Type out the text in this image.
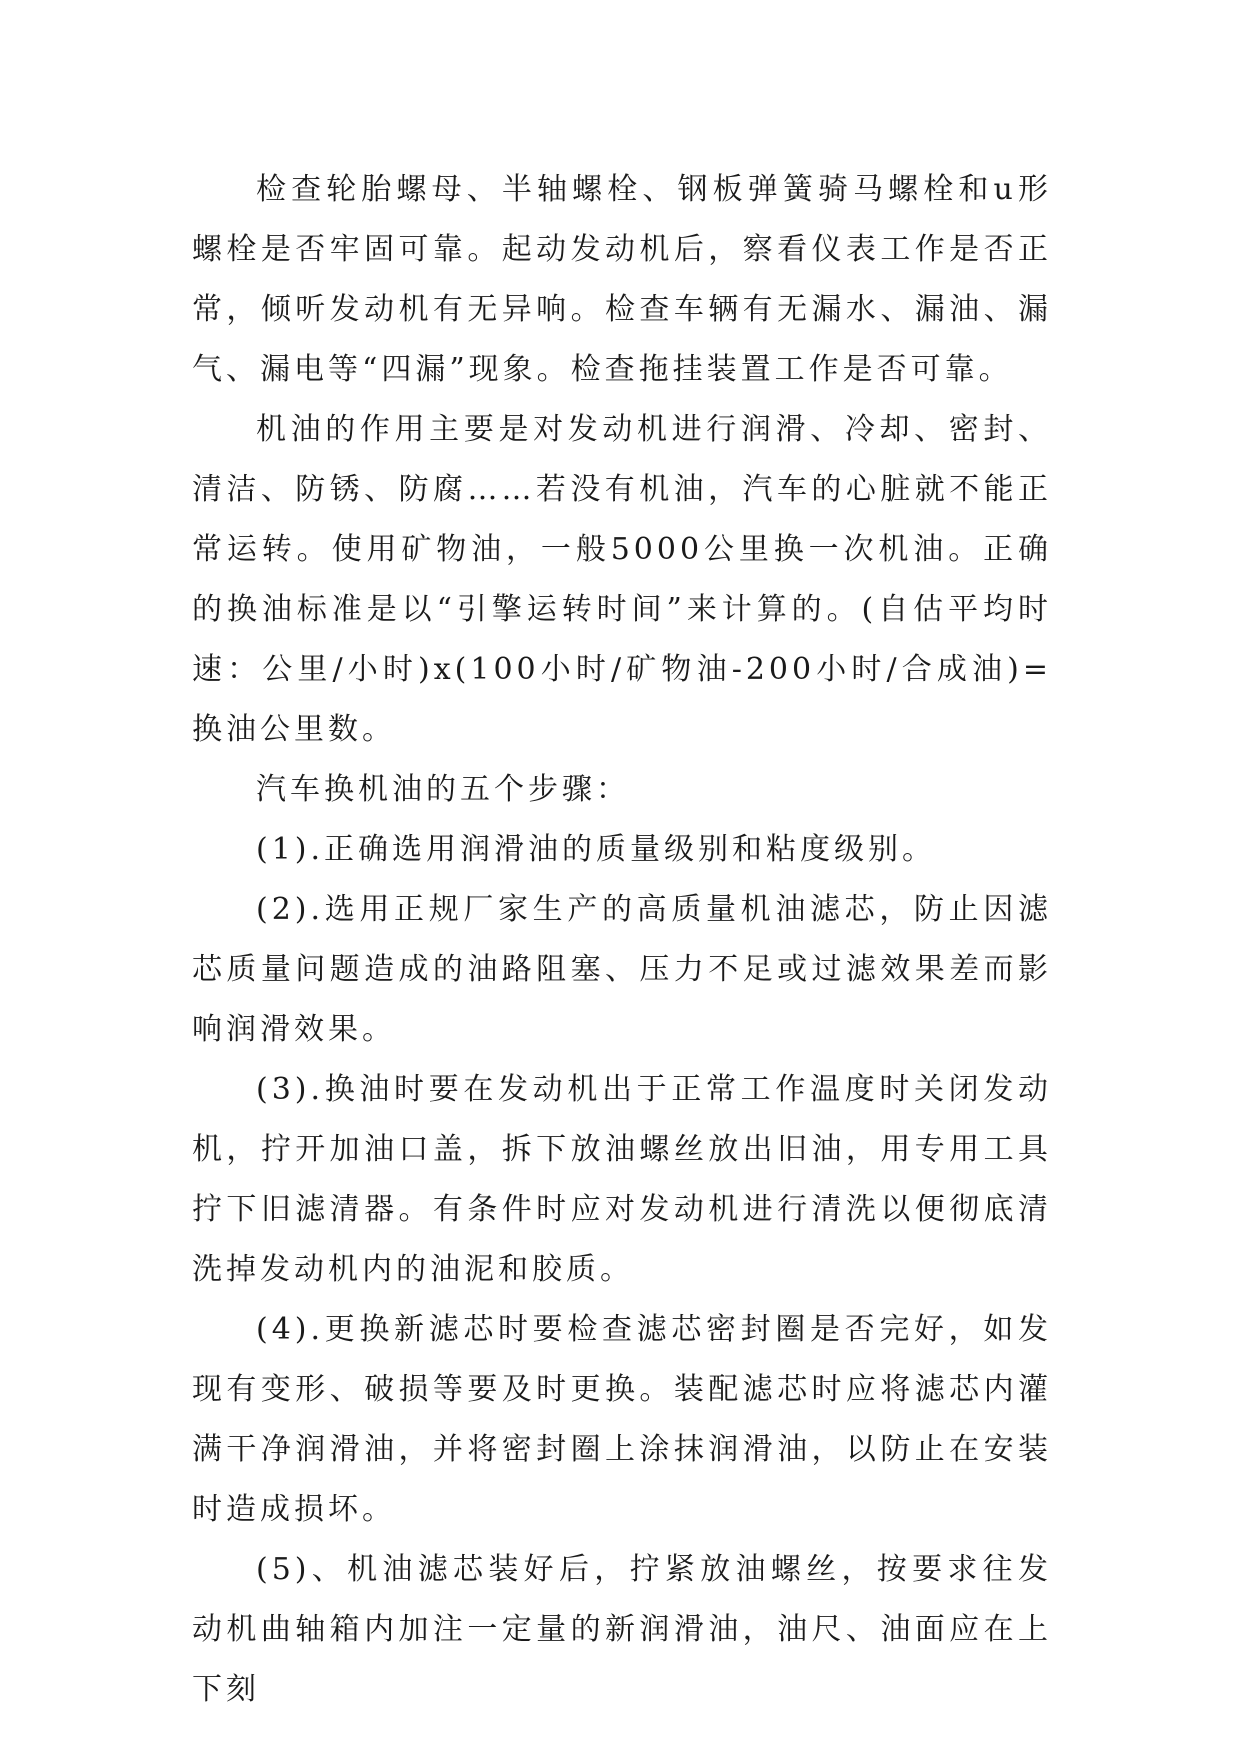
检查轮胎螺母、半轴螺栓、钢板弹簧骑马螺栓和u形螺栓是否牢固可靠。起动发动机后，察看仪表工作是否正常，倾听发动机有无异响。检查车辆有无漏水、漏油、漏气、漏电等“四漏”现象。检查拖挂装置工作是否可靠。

机油的作用主要是对发动机进行润滑、冷却、密封、清洁、防锈、防腐……若没有机油，汽车的心脏就不能正常运转。使用矿物油，一般5000公里换一次机油。正确的换油标准是以“引擎运转时间”来计算的。(自估平均时速：公里/小时)x(100小时/矿物油-200小时/合成油)=换油公里数。

汽车换机油的五个步骤：

(1).正确选用润滑油的质量级别和粘度级别。

(2).选用正规厂家生产的高质量机油滤芯，防止因滤芯质量问题造成的油路阻塞、压力不足或过滤效果差而影响润滑效果。

(3).换油时要在发动机出于正常工作温度时关闭发动机，拧开加油口盖，拆下放油螺丝放出旧油，用专用工具拧下旧滤清器。有条件时应对发动机进行清洗以便彻底清洗掉发动机内的油泥和胶质。

(4).更换新滤芯时要检查滤芯密封圈是否完好，如发现有变形、破损等要及时更换。装配滤芯时应将滤芯内灌满干净润滑油，并将密封圈上涂抹润滑油，以防止在安装时造成损坏。

(5)、机油滤芯装好后，拧紧放油螺丝，按要求往发动机曲轴箱内加注一定量的新润滑油，油尺、油面应在上下刻
